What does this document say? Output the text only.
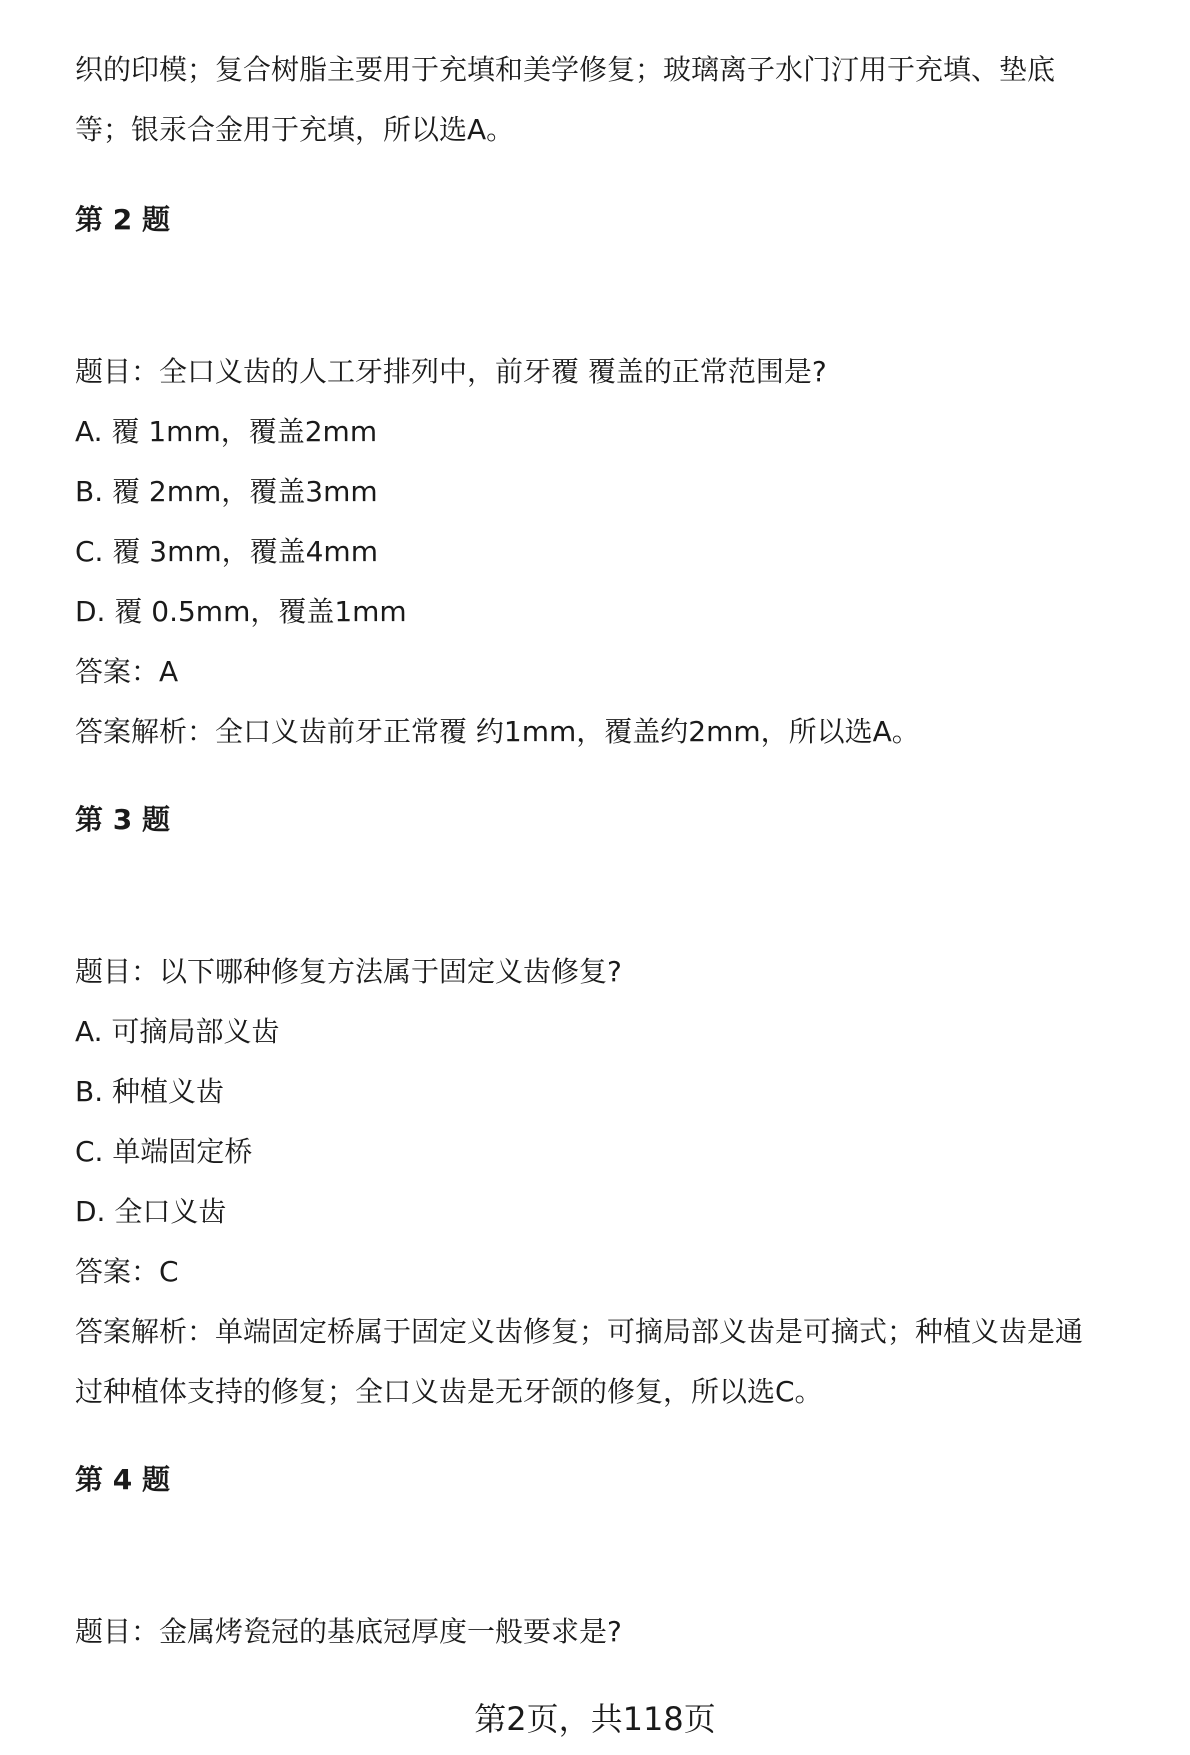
织的印模；复合树脂主要用于充填和美学修复；玻璃离子水门汀用于充填、垫底
等；银汞合金用于充填，所以选A。
第 2 题
题目：全口义齿的人工牙排列中，前牙覆 覆盖的正常范围是?
A. 覆 1mm，覆盖2mm
B. 覆 2mm，覆盖3mm
C. 覆 3mm，覆盖4mm
D. 覆 0.5mm，覆盖1mm
答案：A
答案解析：全口义齿前牙正常覆 约1mm，覆盖约2mm，所以选A。
第 3 题
题目：以下哪种修复方法属于固定义齿修复?
A. 可摘局部义齿
B. 种植义齿
C. 单端固定桥
D. 全口义齿
答案：C
答案解析：单端固定桥属于固定义齿修复；可摘局部义齿是可摘式；种植义齿是通
过种植体支持的修复；全口义齿是无牙颌的修复，所以选C。
第 4 题
题目：金属烤瓷冠的基底冠厚度一般要求是?
第2页，共118页
